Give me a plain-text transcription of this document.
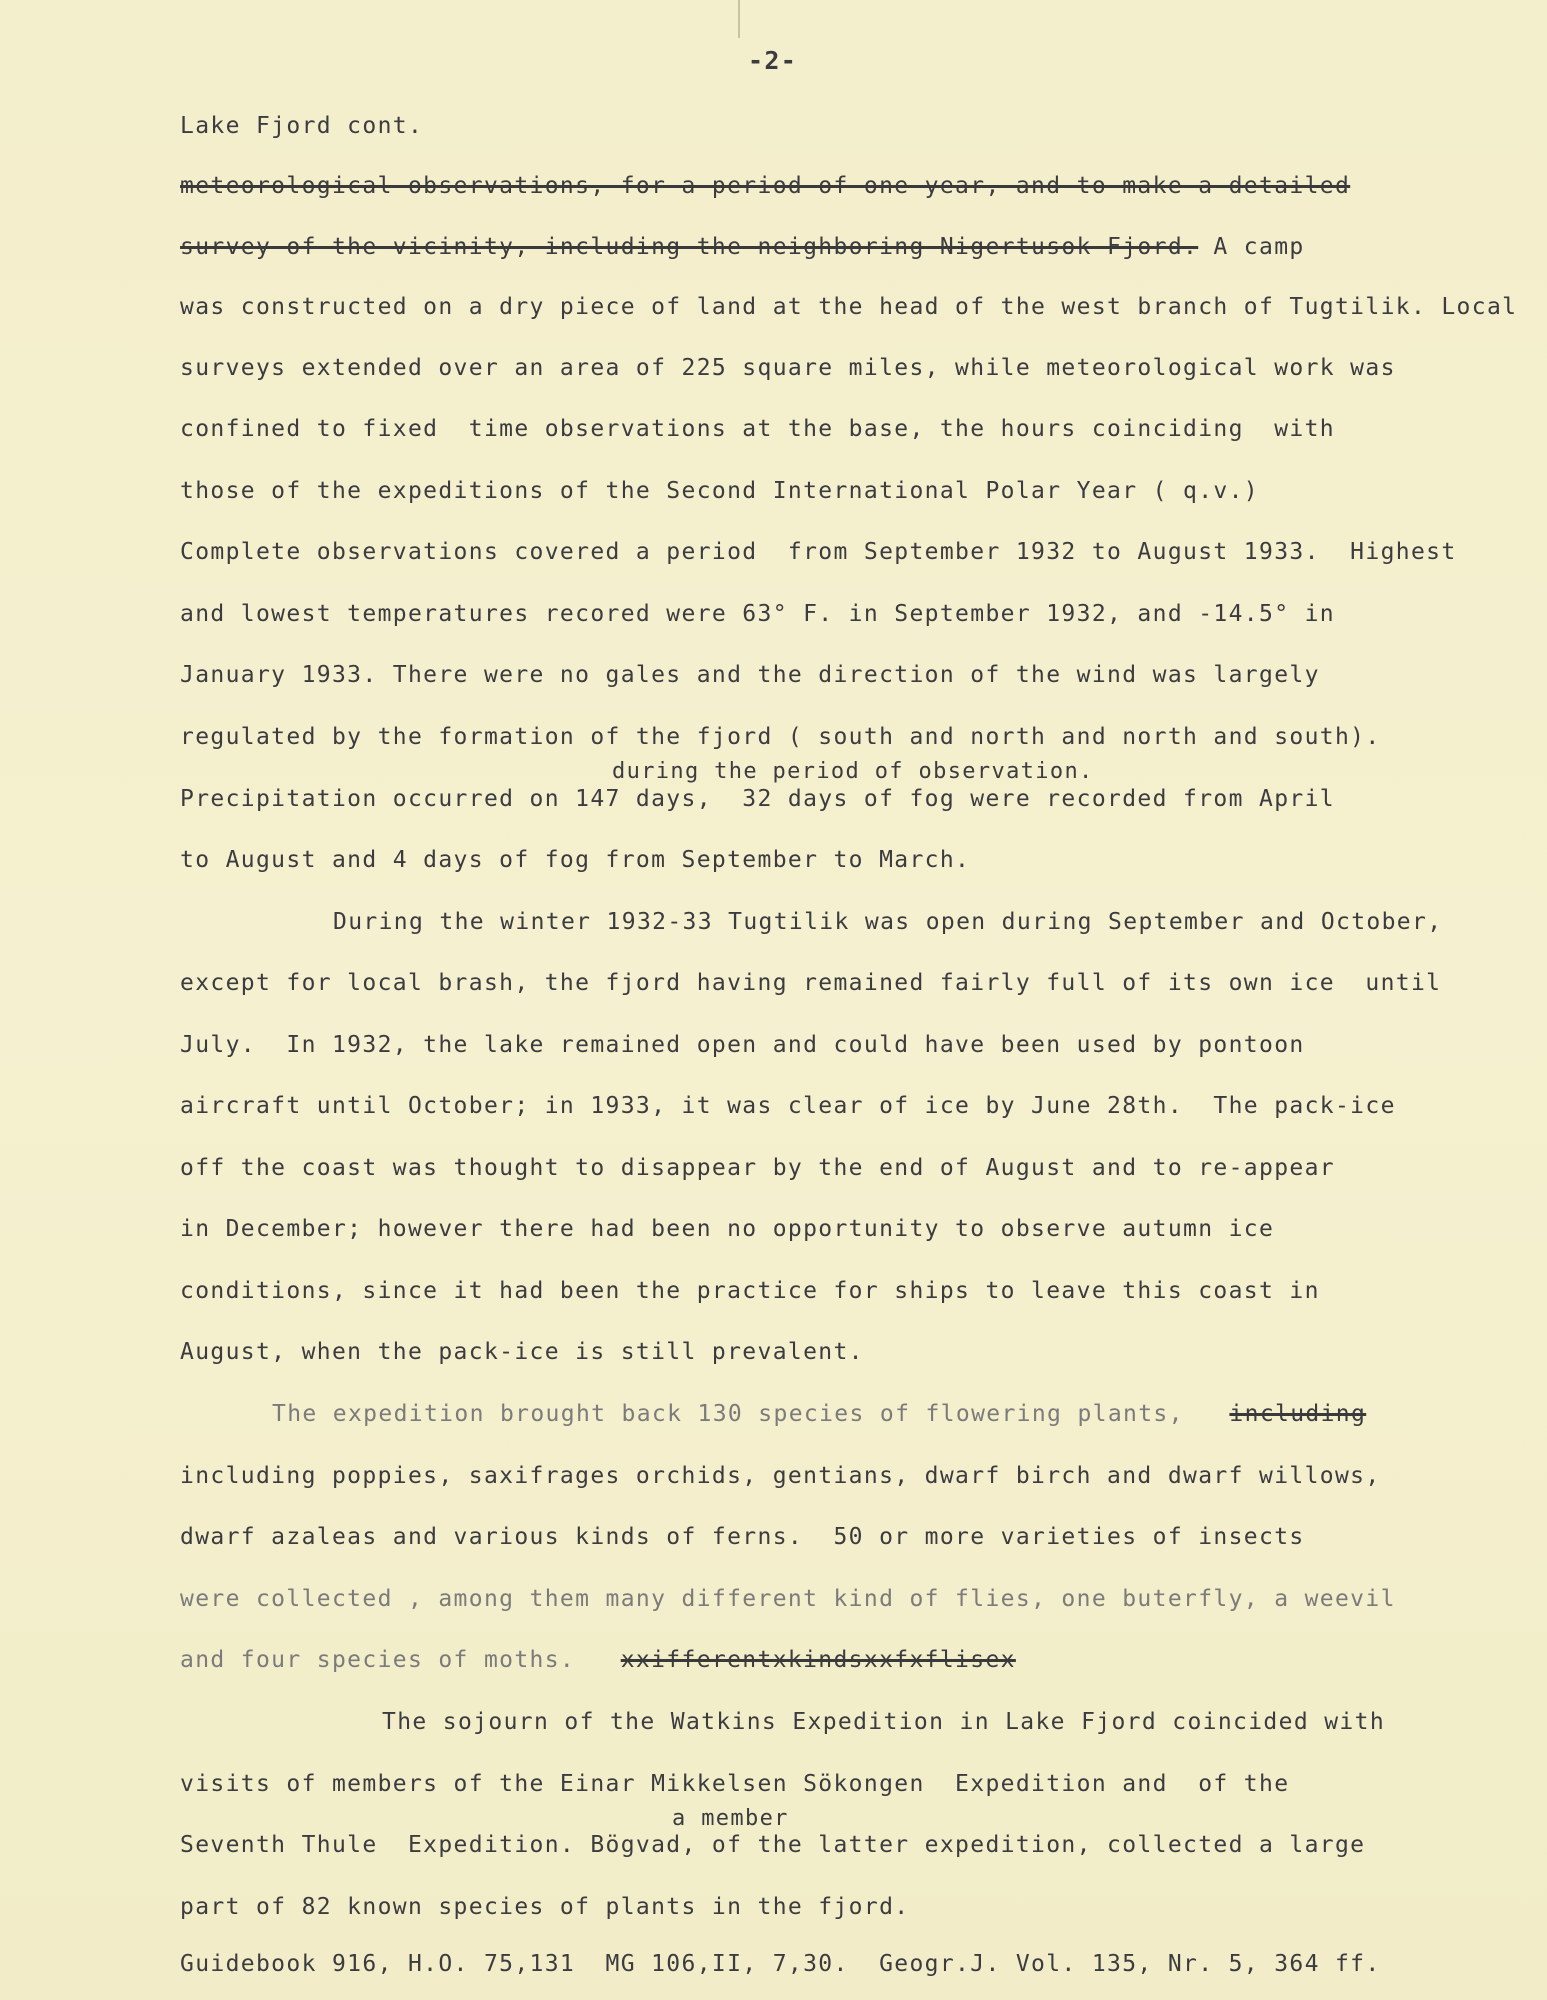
-2-
Lake Fjord cont.
meteorological observations, for a period of one year, and to make a detailed
survey of the vicinity, including the neighboring Nigertusok Fjord. A camp
was constructed on a dry piece of land at the head of the west branch of Tugtilik. Local
surveys extended over an area of 225 square miles, while meteorological work was
confined to fixed  time observations at the base, the hours coinciding  with
those of the expeditions of the Second International Polar Year ( q.v.)
Complete observations covered a period  from September 1932 to August 1933.  Highest
and lowest temperatures recored were 63° F. in September 1932, and -14.5° in
January 1933. There were no gales and the direction of the wind was largely
regulated by the formation of the fjord ( south and north and north and south).
during the period of observation.
Precipitation occurred on 147 days,  32 days of fog were recorded from April
to August and 4 days of fog from September to March.
During the winter 1932-33 Tugtilik was open during September and October,
except for local brash, the fjord having remained fairly full of its own ice  until
July.  In 1932, the lake remained open and could have been used by pontoon
aircraft until October; in 1933, it was clear of ice by June 28th.  The pack-ice
off the coast was thought to disappear by the end of August and to re-appear
in December; however there had been no opportunity to observe autumn ice
conditions, since it had been the practice for ships to leave this coast in
August, when the pack-ice is still prevalent.
The expedition brought back 130 species of flowering plants,   including
including poppies, saxifrages orchids, gentians, dwarf birch and dwarf willows,
dwarf azaleas and various kinds of ferns.  50 or more varieties of insects
were collected , among them many different kind of flies, one buterfly, a weevil
and four species of moths.   xxifferentxkindsxxfxflisex
The sojourn of the Watkins Expedition in Lake Fjord coincided with
visits of members of the Einar Mikkelsen Sökongen  Expedition and  of the
a member
Seventh Thule  Expedition. Bögvad, of the latter expedition, collected a large
part of 82 known species of plants in the fjord.
Guidebook 916, H.O. 75,131  MG 106,II, 7,30.  Geogr.J. Vol. 135, Nr. 5, 364 ff.
